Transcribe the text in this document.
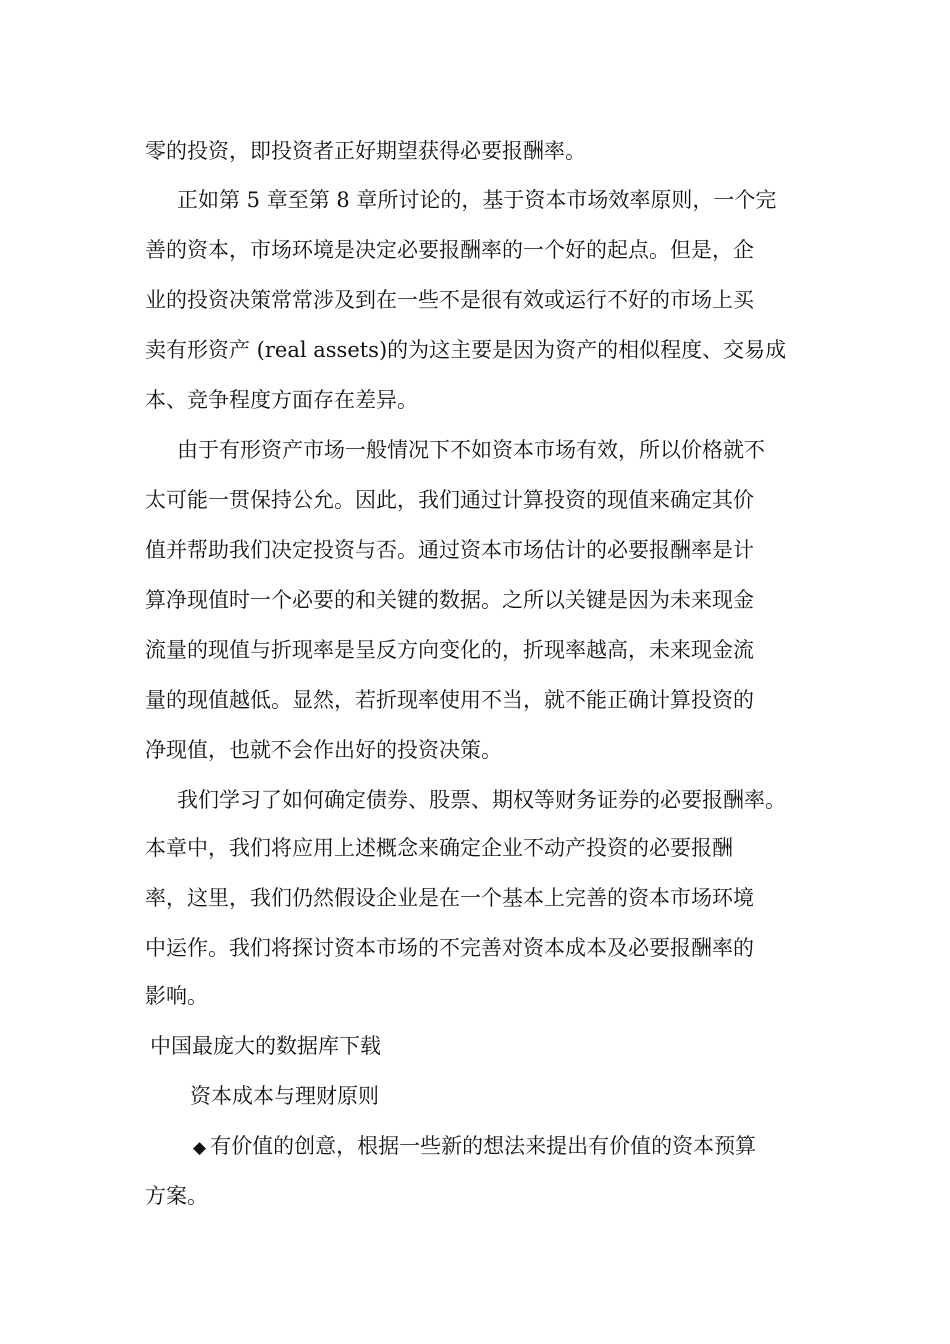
零的投资，即投资者正好期望获得必要报酬率。
正如第 5 章至第 8 章所讨论的，基于资本市场效率原则，一个完
善的资本，市场环境是决定必要报酬率的一个好的起点。但是，企
业的投资决策常常涉及到在一些不是很有效或运行不好的市场上买
卖有形资产 (real assets)的为这主要是因为资产的相似程度、交易成
本、竞争程度方面存在差异。
由于有形资产市场一般情况下不如资本市场有效，所以价格就不
太可能一贯保持公允。因此，我们通过计算投资的现值来确定其价
值并帮助我们决定投资与否。通过资本市场估计的必要报酬率是计
算净现值时一个必要的和关键的数据。之所以关键是因为未来现金
流量的现值与折现率是呈反方向变化的，折现率越高，未来现金流
量的现值越低。显然，若折现率使用不当，就不能正确计算投资的
净现值，也就不会作出好的投资决策。
我们学习了如何确定债券、股票、期权等财务证券的必要报酬率。
本章中，我们将应用上述概念来确定企业不动产投资的必要报酬
率，这里，我们仍然假设企业是在一个基本上完善的资本市场环境
中运作。我们将探讨资本市场的不完善对资本成本及必要报酬率的
影响。
中国最庞大的数据库下载
资本成本与理财原则
◆ 有价值的创意，根据一些新的想法来提出有价值的资本预算
方案。
